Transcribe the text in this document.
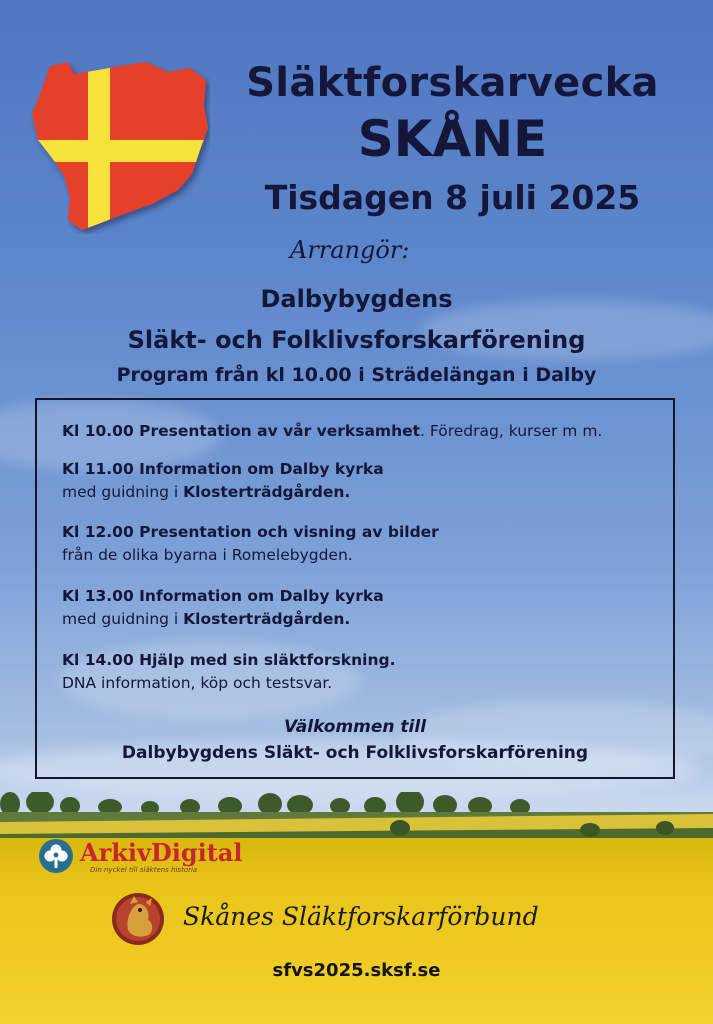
Släktforskarvecka
SKÅNE
Tisdagen 8 juli 2025
Arrangör:
Dalbybygdens
Släkt- och Folklivsforskarförening
Program från kl 10.00 i Strädelängan i Dalby
Kl 10.00 Presentation av vår verksamhet. Föredrag, kurser m m.
Kl 11.00 Information om Dalby kyrka
med guidning i Klosterträdgården.
Kl 12.00 Presentation och visning av bilder
från de olika byarna i Romelebygden.
Kl 13.00 Information om Dalby kyrka
med guidning i Klosterträdgården.
Kl 14.00 Hjälp med sin släktforskning.
DNA information, köp och testsvar.
Välkommen till
Dalbybygdens Släkt- och Folklivsforskarförening
ArkivDigital
Din nyckel till släktens historia
Skånes Släktforskarförbund
sfvs2025.sksf.se
